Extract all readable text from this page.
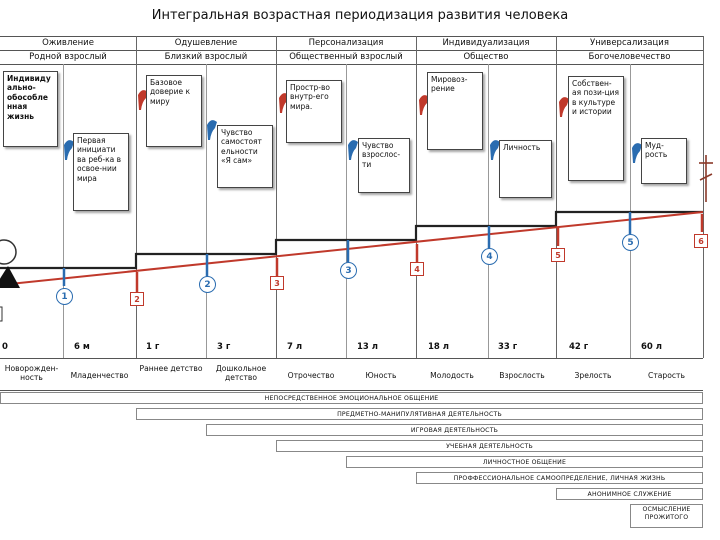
Интегральная возрастная периодизация развития человека
Оживление	Одушевление	Персонализация	Индивидуализация	Универсализация
Родной взрослый	Близкий взрослый	Общественный взрослый	Общество	Богочеловечество
Индивиду альнo-обособле нная жизнь
Первая инициати ва реб-ка в освое-нии мира
Базовое доверие к миру
Чувство самостоят ельности «Я сам»
Простр-во внутр-его мира.
Чувство взрослос-ти
Мировоз-рение
Личность
Собствен-ая пози-ция в культуре и истории
Муд-рость
1
2
3
4
5
2
3
4
5
6
0	6 м	1 г	3 г	7 л	13 л	18 л	33 г	42 г	60 л
Новорожден-ность	Младенчество
Раннее детство	Дошкольное детство	Отрочество	Юность	Молодость	Взрослость	Зрелость	Старость
НЕПОСРЕДСТВЕННОЕ ЭМОЦИОНАЛЬНОЕ ОБЩЕНИЕ
ПРЕДМЕТНО-МАНИПУЛЯТИВНАЯ ДЕЯТЕЛЬНОСТЬ
ИГРОВАЯ ДЕЯТЕЛЬНОСТЬ
УЧЕБНАЯ ДЕЯТЕЛЬНОСТЬ
ЛИЧНОСТНОЕ ОБЩЕНИЕ
ПРОФФЕССИОНАЛЬНОЕ САМООПРЕДЕЛЕНИЕ, ЛИЧНАЯ ЖИЗНЬ
АНОНИМНОЕ СЛУЖЕНИЕ
ОСМЫСЛЕНИЕ ПРОЖИТОГО
